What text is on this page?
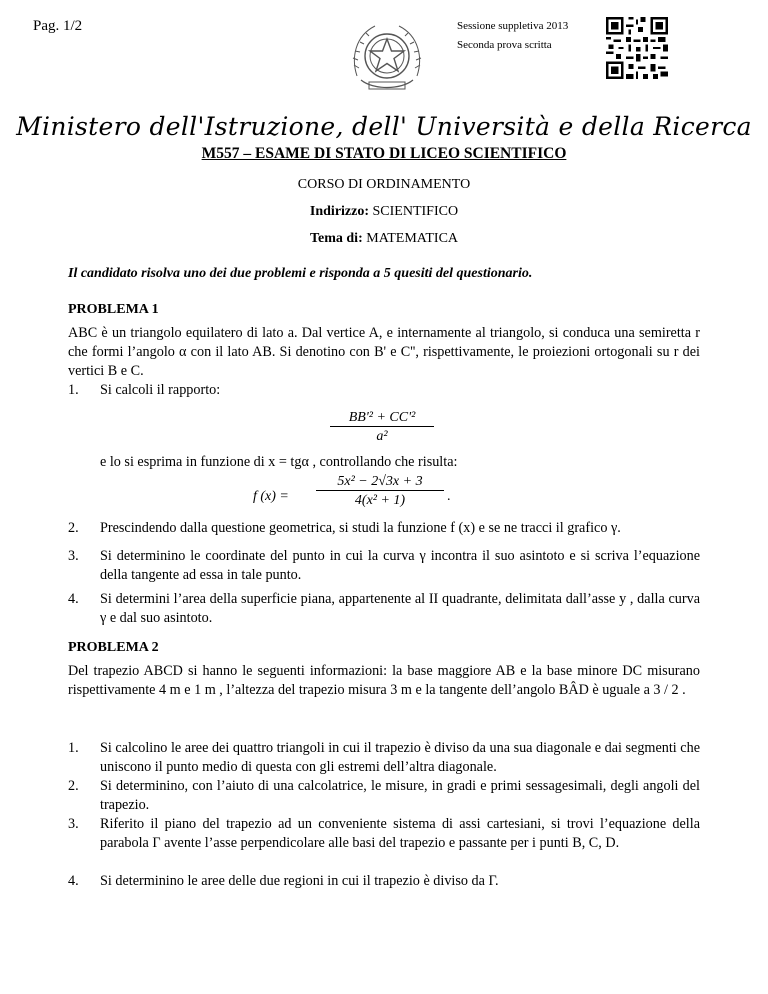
Pag. 1/2	Sessione suppletiva 2013
Seconda prova scritta
Ministero dell'Istruzione, dell' Università e della Ricerca
M557 – ESAME DI STATO DI LICEO SCIENTIFICO
CORSO DI ORDINAMENTO
Indirizzo: SCIENTIFICO
Tema di: MATEMATICA
Il candidato risolva uno dei due problemi e risponda a 5 quesiti del questionario.
PROBLEMA 1
ABC è un triangolo equilatero di lato a. Dal vertice A, e internamente al triangolo, si conduca una semiretta r che formi l’angolo α con il lato AB. Si denotino con B' e C'', rispettivamente, le proiezioni ortogonali su r dei vertici B e C.
1. Si calcoli il rapporto:
$\frac{\text{BB'² + CC'²}}{\text{a²}}$
e lo si esprima in funzione di x = tgα , controllando che risulta:
f $(x) = \frac{\text{5x² − 2√3x + 3}}{\text{4(x² + 1)}}$ .
2. Prescindendo dalla questione geometrica, si studi la funzione f (x) e se ne tracci il grafico γ.
3. Si determinino le coordinate del punto in cui la curva γ incontra il suo asintoto e si scriva l’equazione della tangente ad essa in tale punto.
4. Si determini l’area della superficie piana, appartenente al II quadrante, delimitata dall’asse y , dalla curva γ e dal suo asintoto.
PROBLEMA 2
Del trapezio ABCD si hanno le seguenti informazioni: la base maggiore AB e la base minore DC misurano rispettivamente 4 m e 1 m , l’altezza del trapezio misura 3 m e la tangente dell’angolo BÂD è uguale a 3 / 2 .
1. Si calcolino le aree dei quattro triangoli in cui il trapezio è diviso da una sua diagonale e dai segmenti che uniscono il punto medio di questa con gli estremi dell’altra diagonale.
2. Si determinino, con l’aiuto di una calcolatrice, le misure, in gradi e primi sessagesimali, degli angoli del trapezio.
3. Riferito il piano del trapezio ad un conveniente sistema di assi cartesiani, si trovi l’equazione della parabola Γ avente l’asse perpendicolare alle basi del trapezio e passante per i punti B, C, D.
4. Si determinino le aree delle due regioni in cui il trapezio è diviso da Γ.
